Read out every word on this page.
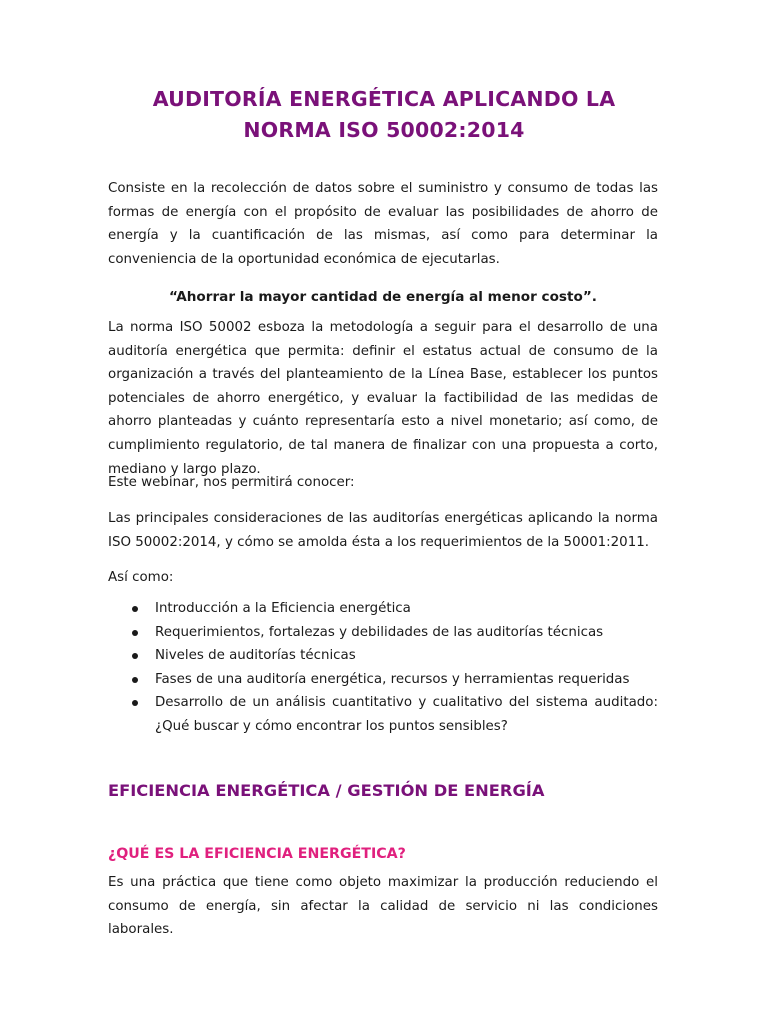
AUDITORÍA ENERGÉTICA APLICANDO LA
NORMA ISO 50002:2014

Consiste en la recolección de datos sobre el suministro y consumo de todas las formas de energía con el propósito de evaluar las posibilidades de ahorro de energía y la cuantificación de las mismas, así como para determinar la conveniencia de la oportunidad económica de ejecutarlas.

“Ahorrar la mayor cantidad de energía al menor costo”.

La norma ISO 50002 esboza la metodología a seguir para el desarrollo de una auditoría energética que permita: definir el estatus actual de consumo de la organización a través del planteamiento de la Línea Base, establecer los puntos potenciales de ahorro energético, y evaluar la factibilidad de las medidas de ahorro planteadas y cuánto representaría esto a nivel monetario; así como, de cumplimiento regulatorio, de tal manera de finalizar con una propuesta a corto, mediano y largo plazo.

Este webinar, nos permitirá conocer:

Las principales consideraciones de las auditorías energéticas aplicando la norma ISO 50002:2014, y cómo se amolda ésta a los requerimientos de la 50001:2011.

Así como:

Introducción a la Eficiencia energética
Requerimientos, fortalezas y debilidades de las auditorías técnicas
Niveles de auditorías técnicas
Fases de una auditoría energética, recursos y herramientas requeridas
Desarrollo de un análisis cuantitativo y cualitativo del sistema auditado: ¿Qué buscar y cómo encontrar los puntos sensibles?
EFICIENCIA ENERGÉTICA / GESTIÓN DE ENERGÍA
¿QUÉ ES LA EFICIENCIA ENERGÉTICA?

Es una práctica que tiene como objeto maximizar la producción reduciendo el consumo de energía, sin afectar la calidad de servicio ni las condiciones laborales.
